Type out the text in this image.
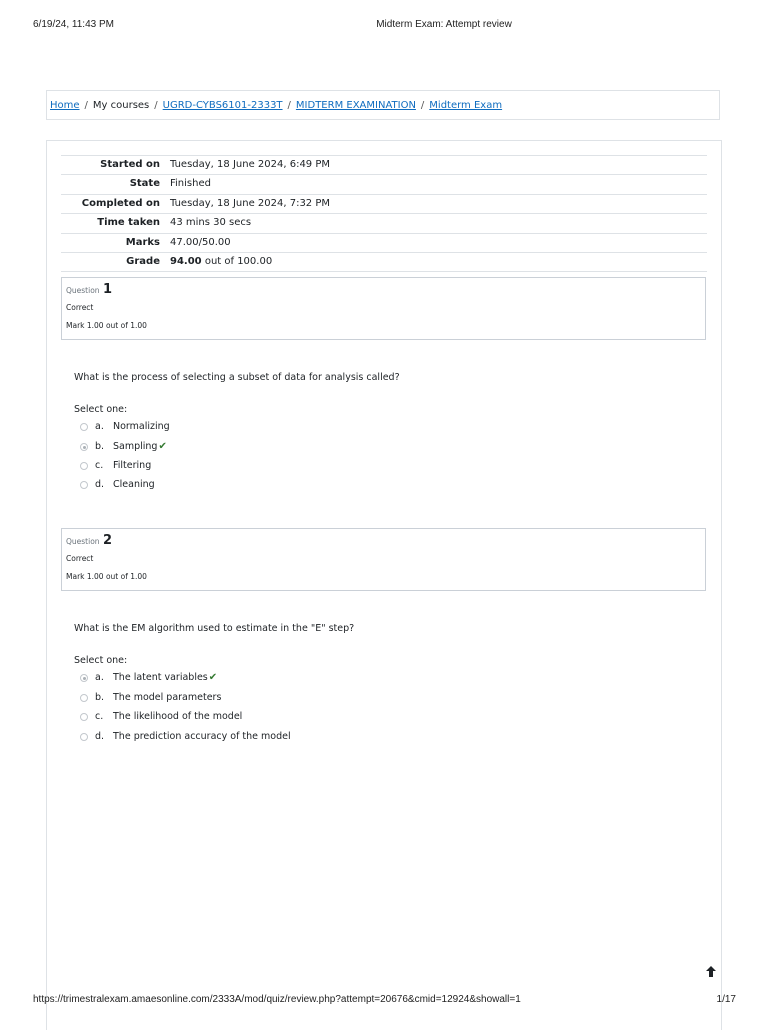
6/19/24, 11:43 PM	Midterm Exam: Attempt review
Home / My courses / UGRD-CYBS6101-2333T / MIDTERM EXAMINATION / Midterm Exam
Started on Tuesday, 18 June 2024, 6:49 PM
State Finished
Completed on Tuesday, 18 June 2024, 7:32 PM
Time taken 43 mins 30 secs
Marks 47.00/50.00
Grade 94.00 out of 100.00
Question 1
Correct
Mark 1.00 out of 1.00
What is the process of selecting a subset of data for analysis called?
Select one:
a. Normalizing
b. Sampling✔
c. Filtering
d. Cleaning
Question 2
Correct
Mark 1.00 out of 1.00
What is the EM algorithm used to estimate in the "E" step?
Select one:
a. The latent variables✔
b. The model parameters
c. The likelihood of the model
d. The prediction accuracy of the model
https://trimestralexam.amaesonline.com/2333A/mod/quiz/review.php?attempt=20676&cmid=12924&showall=1	1/17
